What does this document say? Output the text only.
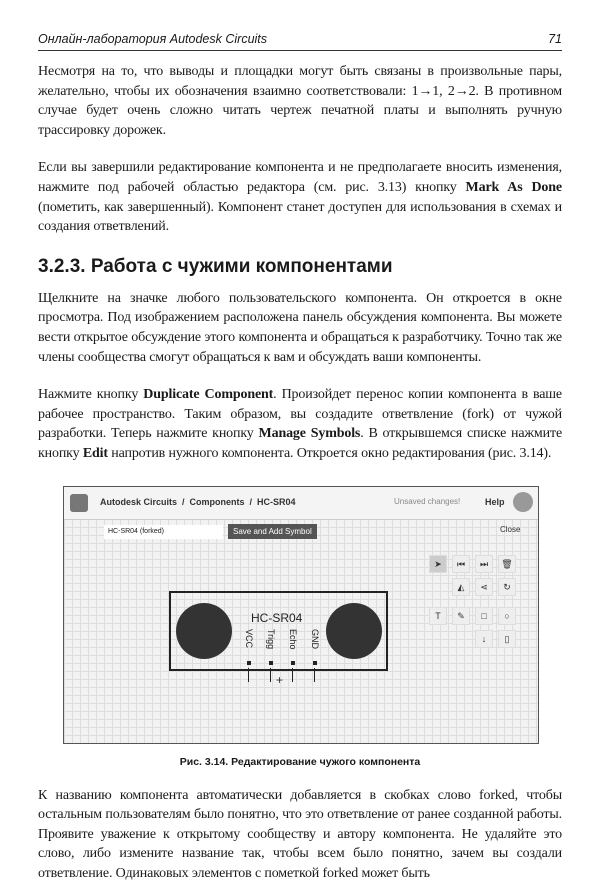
Онлайн-лаборатория Autodesk Circuits	71

Несмотря на то, что выводы и площадки могут быть связаны в произвольные пары, желательно, чтобы их обозначения взаимно соответствовали: 1→1, 2→2. В противном случае будет очень сложно читать чертеж печатной платы и выполнять ручную трассировку дорожек.

Если вы завершили редактирование компонента и не предполагаете вносить изменения, нажмите под рабочей областью редактора (см. рис. 3.13) кнопку Mark As Done (пометить, как завершенный). Компонент станет доступен для использования в схемах и создания ответвлений.

3.2.3. Работа с чужими компонентами

Щелкните на значке любого пользовательского компонента. Он откроется в окне просмотра. Под изображением расположена панель обсуждения компонента. Вы можете вести открытое обсуждение этого компонента и обращаться к разработчику. Точно так же члены сообщества смогут обращаться к вам и обсуждать ваши компоненты.

Нажмите кнопку Duplicate Component. Произойдет перенос копии компонента в ваше рабочее пространство. Таким образом, вы создадите ответвление (fork) от чужой разработки. Теперь нажмите кнопку Manage Symbols. В открывшемся списке нажмите кнопку Edit напротив нужного компонента. Откроется окно редактирования (рис. 3.14).

Autodesk Circuits  /  Components  /  HC-SR04	Unsaved changes!	Help
HC-SR04 (forked)	Save and Add Symbol	Close
➤	⏮	⏭	🗑
◭	⋖	↻
T	✎	□	○
↓	▯
HC-SR04
VCC Trigg Echo GND
+
Рис. 3.14. Редактирование чужого компонента

К названию компонента автоматически добавляется в скобках слово forked, чтобы остальным пользователям было понятно, что это ответвление от ранее созданной работы. Проявите уважение к открытому сообществу и автору компонента. Не удаляйте это слово, либо измените название так, чтобы всем было понятно, зачем вы создали ответвление. Одинаковых элементов с пометкой forked может быть
